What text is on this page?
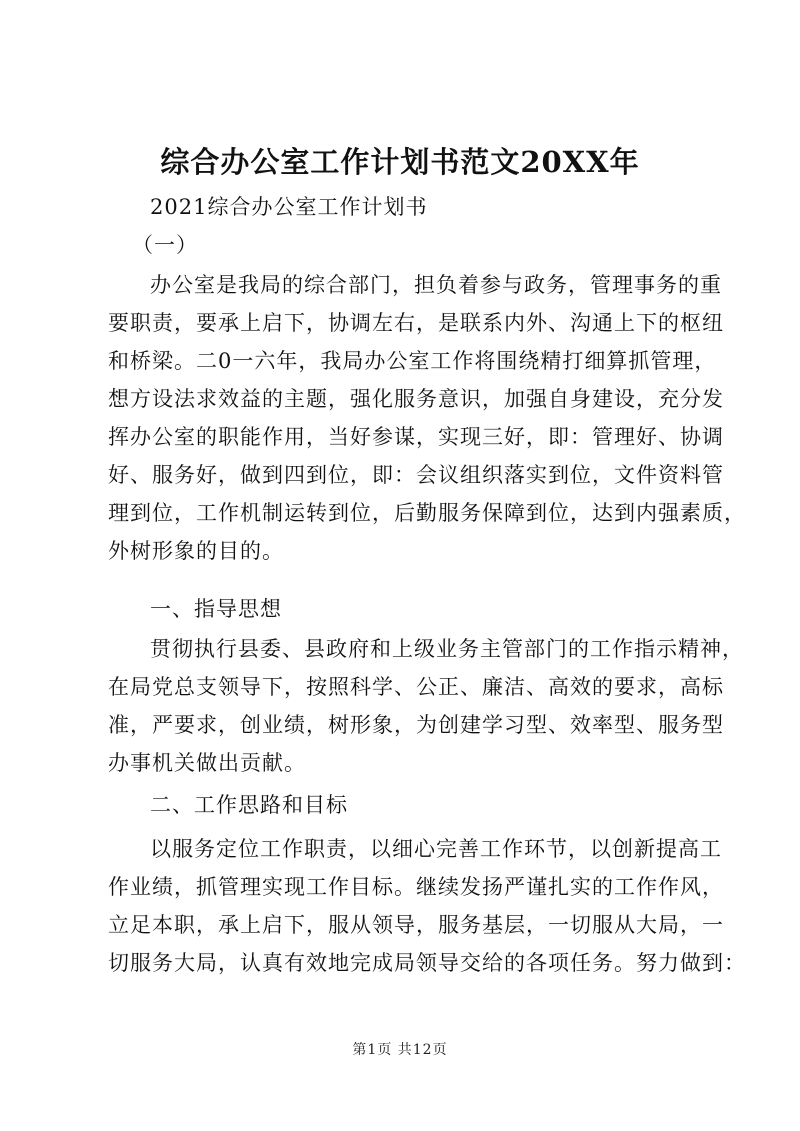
综合办公室工作计划书范文20XX年
2021综合办公室工作计划书
（一）
办公室是我局的综合部门，担负着参与政务，管理事务的重
要职责，要承上启下，协调左右，是联系内外、沟通上下的枢纽
和桥梁。二0一六年，我局办公室工作将围绕精打细算抓管理，
想方设法求效益的主题，强化服务意识，加强自身建设，充分发
挥办公室的职能作用，当好参谋，实现三好，即：管理好、协调
好、服务好，做到四到位，即：会议组织落实到位，文件资料管
理到位，工作机制运转到位，后勤服务保障到位，达到内强素质，
外树形象的目的。
一、指导思想
贯彻执行县委、县政府和上级业务主管部门的工作指示精神，
在局党总支领导下，按照科学、公正、廉洁、高效的要求，高标
准，严要求，创业绩，树形象，为创建学习型、效率型、服务型
办事机关做出贡献。
二、工作思路和目标
以服务定位工作职责，以细心完善工作环节，以创新提高工
作业绩，抓管理实现工作目标。继续发扬严谨扎实的工作作风，
立足本职，承上启下，服从领导，服务基层，一切服从大局，一
切服务大局，认真有效地完成局领导交给的各项任务。努力做到：
第1页 共12页
